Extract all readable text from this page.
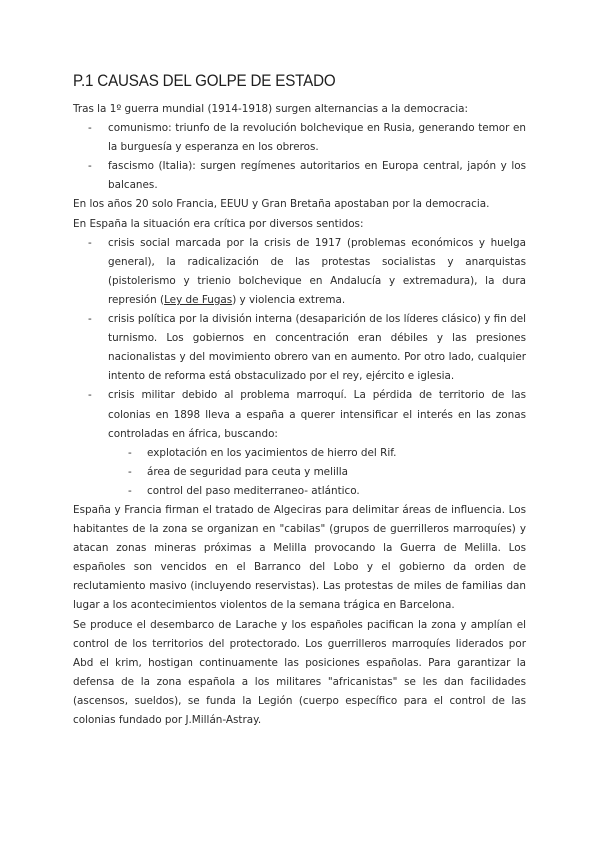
P.1 CAUSAS DEL GOLPE DE ESTADO

Tras la 1º guerra mundial (1914-1918) surgen alternancias a la democracia:

- comunismo: triunfo de la revolución bolchevique en Rusia, generando temor en la burguesía y esperanza en los obreros.
- fascismo (Italia): surgen regímenes autoritarios en Europa central, japón y los balcanes.

En los años 20 solo Francia, EEUU y Gran Bretaña apostaban por la democracia.

En España la situación era crítica por diversos sentidos:

- crisis social marcada por la crisis de 1917 (problemas económicos y huelga general), la radicalización de las protestas socialistas y anarquistas (pistolerismo y trienio bolchevique en Andalucía y extremadura), la dura represión (Ley de Fugas) y violencia extrema.
- crisis política por la división interna (desaparición de los líderes clásico) y fin del turnismo. Los gobiernos en concentración eran débiles y las presiones nacionalistas y del movimiento obrero van en aumento. Por otro lado, cualquier intento de reforma está obstaculizado por el rey, ejército e iglesia.
- crisis militar debido al problema marroquí. La pérdida de territorio de las colonias en 1898 lleva a españa a querer intensificar el interés en las zonas controladas en áfrica, buscando:
- explotación en los yacimientos de hierro del Rif.
- área de seguridad para ceuta y melilla
- control del paso mediterraneo- atlántico.

España y Francia firman el tratado de Algeciras para delimitar áreas de influencia. Los habitantes de la zona se organizan en "cabilas" (grupos de guerrilleros marroquíes) y atacan zonas mineras próximas a Melilla provocando la Guerra de Melilla. Los españoles son vencidos en el Barranco del Lobo y el gobierno da orden de reclutamiento masivo (incluyendo reservistas). Las protestas de miles de familias dan lugar a los acontecimientos violentos de la semana trágica en Barcelona.

Se produce el desembarco de Larache y los españoles pacifican la zona y amplían el control de los territorios del protectorado. Los guerrilleros marroquíes liderados por Abd el krim, hostigan continuamente las posiciones españolas. Para garantizar la defensa de la zona española a los militares "africanistas" se les dan facilidades (ascensos, sueldos), se funda la Legión (cuerpo específico para el control de las colonias fundado por J.Millán-Astray.
